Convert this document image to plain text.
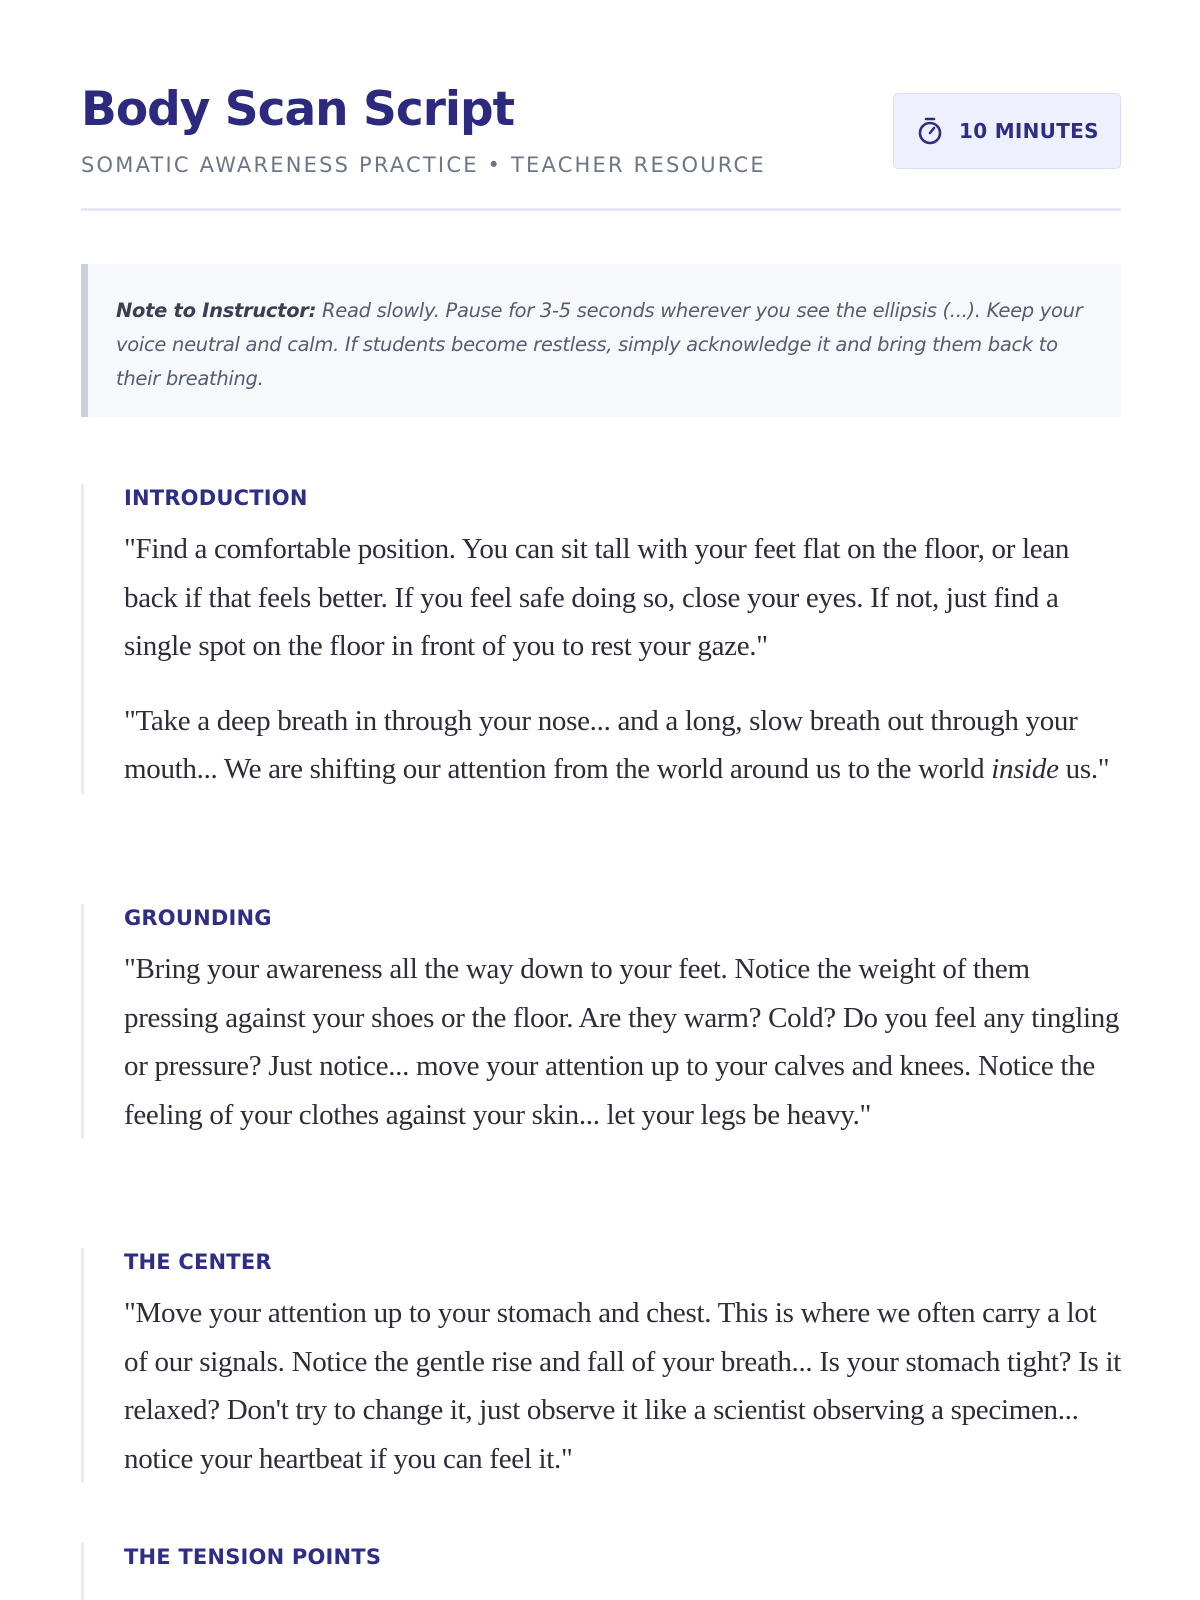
Body Scan Script
SOMATIC AWARENESS PRACTICE • TEACHER RESOURCE
10 MINUTES
Note to Instructor: Read slowly. Pause for 3-5 seconds wherever you see the ellipsis (...). Keep your voice neutral and calm. If students become restless, simply acknowledge it and bring them back to their breathing.
INTRODUCTION

"Find a comfortable position. You can sit tall with your feet flat on the floor, or lean back if that feels better. If you feel safe doing so, close your eyes. If not, just find a single spot on the floor in front of you to rest your gaze."

"Take a deep breath in through your nose... and a long, slow breath out through your mouth... We are shifting our attention from the world around us to the world inside us."

GROUNDING

"Bring your awareness all the way down to your feet. Notice the weight of them pressing against your shoes or the floor. Are they warm? Cold? Do you feel any tingling or pressure? Just notice... move your attention up to your calves and knees. Notice the feeling of your clothes against your skin... let your legs be heavy."

THE CENTER

"Move your attention up to your stomach and chest. This is where we often carry a lot of our signals. Notice the gentle rise and fall of your breath... Is your stomach tight? Is it relaxed? Don't try to change it, just observe it like a scientist observing a specimen... notice your heartbeat if you can feel it."

THE TENSION POINTS
